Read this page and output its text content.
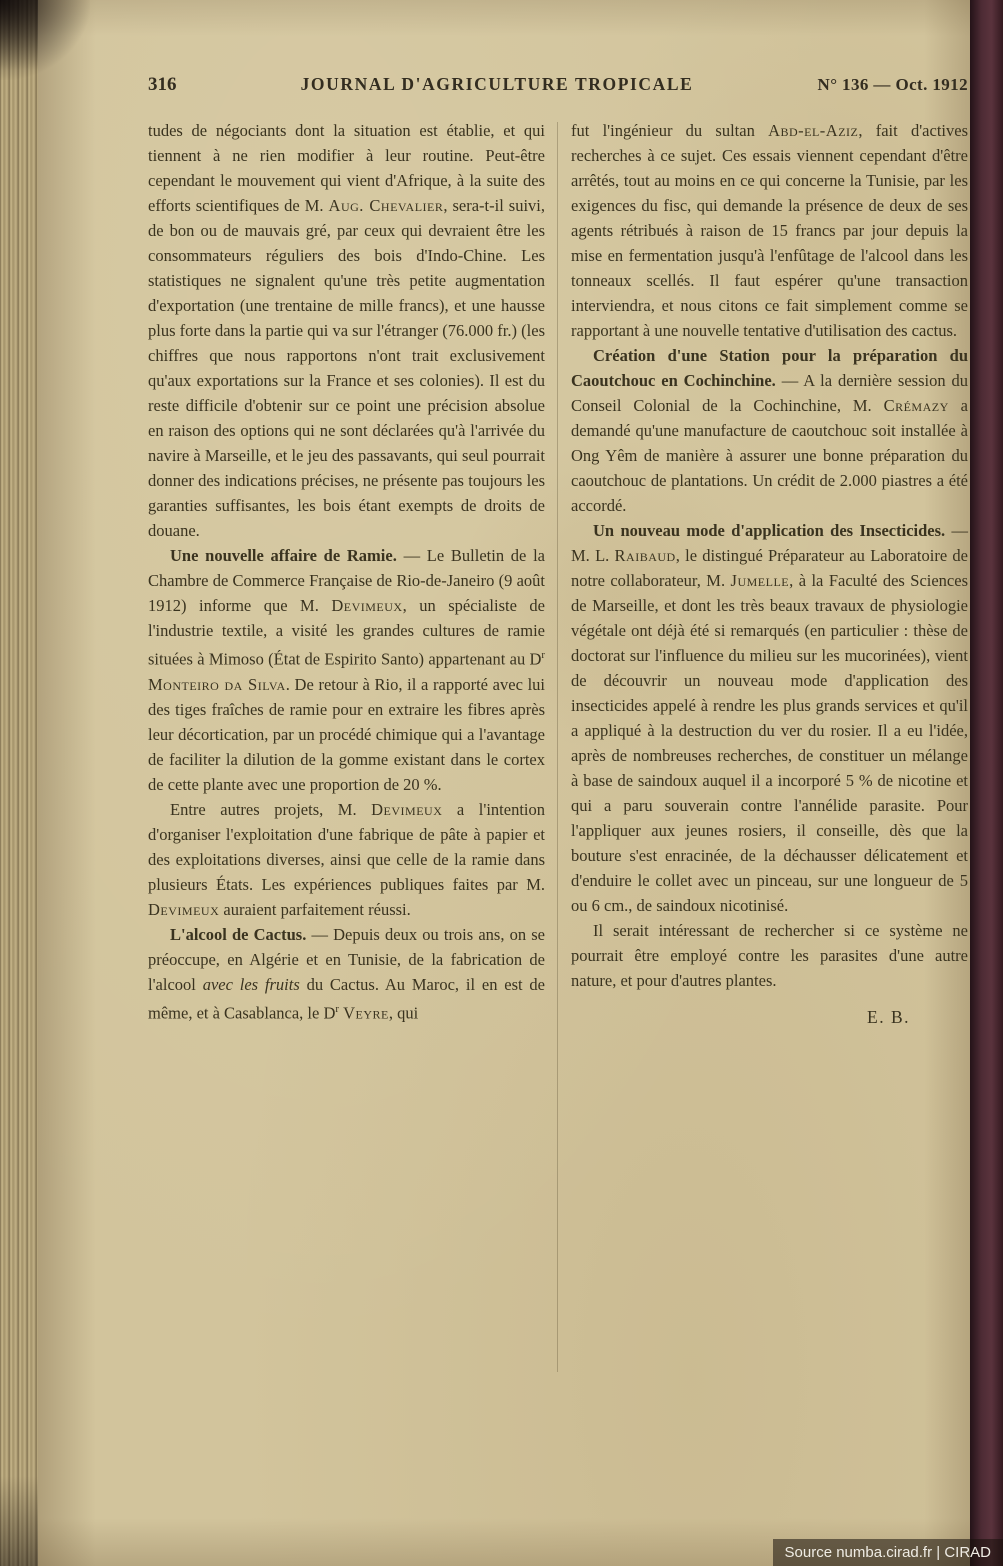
316	JOURNAL D'AGRICULTURE TROPICALE	N° 136 — Oct. 1912

tudes de négociants dont la situation est établie, et qui tiennent à ne rien modifier à leur routine. Peut-être cependant le mouvement qui vient d'Afrique, à la suite des efforts scientifiques de M. Aug. Chevalier, sera-t-il suivi, de bon ou de mauvais gré, par ceux qui devraient être les consommateurs réguliers des bois d'Indo-Chine. Les statistiques ne signalent qu'une très petite augmentation d'exportation (une trentaine de mille francs), et une hausse plus forte dans la partie qui va sur l'étranger (76.000 fr.) (les chiffres que nous rapportons n'ont trait exclusivement qu'aux exportations sur la France et ses colonies). Il est du reste difficile d'obtenir sur ce point une précision absolue en raison des options qui ne sont déclarées qu'à l'arrivée du navire à Marseille, et le jeu des passavants, qui seul pourrait donner des indications précises, ne présente pas toujours les garanties suffisantes, les bois étant exempts de droits de douane.

Une nouvelle affaire de Ramie. — Le Bulletin de la Chambre de Commerce Française de Rio-de-Janeiro (9 août 1912) informe que M. Devimeux, un spécialiste de l'industrie textile, a visité les grandes cultures de ramie situées à Mimoso (État de Espirito Santo) appartenant au $D^r$ Monteiro da Silva. De retour à Rio, il a rapporté avec lui des tiges fraîches de ramie pour en extraire les fibres après leur décortication, par un procédé chimique qui a l'avantage de faciliter la dilution de la gomme existant dans le cortex de cette plante avec une proportion de 20 %.

Entre autres projets, M. Devimeux a l'intention d'organiser l'exploitation d'une fabrique de pâte à papier et des exploitations diverses, ainsi que celle de la ramie dans plusieurs États. Les expériences publiques faites par M. Devimeux auraient parfaitement réussi.

L'alcool de Cactus. — Depuis deux ou trois ans, on se préoccupe, en Algérie et en Tunisie, de la fabrication de l'alcool avec les fruits du Cactus. Au Maroc, il en est de même, et à Casablanca, le $D^r$ Veyre, qui

fut l'ingénieur du sultan Abd-el-Aziz, fait d'actives recherches à ce sujet. Ces essais viennent cependant d'être arrêtés, tout au moins en ce qui concerne la Tunisie, par les exigences du fisc, qui demande la présence de deux de ses agents rétribués à raison de 15 francs par jour depuis la mise en fermentation jusqu'à l'enfûtage de l'alcool dans les tonneaux scellés. Il faut espérer qu'une transaction interviendra, et nous citons ce fait simplement comme se rapportant à une nouvelle tentative d'utilisation des cactus.

Création d'une Station pour la préparation du Caoutchouc en Cochinchine. — A la dernière session du Conseil Colonial de la Cochinchine, M. Crémazy a demandé qu'une manufacture de caoutchouc soit installée à Ong Yêm de manière à assurer une bonne préparation du caoutchouc de plantations. Un crédit de 2.000 piastres a été accordé.

Un nouveau mode d'application des Insecticides. — M. L. Raibaud, le distingué Préparateur au Laboratoire de notre collaborateur, M. Jumelle, à la Faculté des Sciences de Marseille, et dont les très beaux travaux de physiologie végétale ont déjà été si remarqués (en particulier : thèse de doctorat sur l'influence du milieu sur les mucorinées), vient de découvrir un nouveau mode d'application des insecticides appelé à rendre les plus grands services et qu'il a appliqué à la destruction du ver du rosier. Il a eu l'idée, après de nombreuses recherches, de constituer un mélange à base de saindoux auquel il a incorporé 5 % de nicotine et qui a paru souverain contre l'annélide parasite. Pour l'appliquer aux jeunes rosiers, il conseille, dès que la bouture s'est enracinée, de la déchausser délicatement et d'enduire le collet avec un pinceau, sur une longueur de 5 ou 6 cm., de saindoux nicotinisé.

Il serait intéressant de rechercher si ce système ne pourrait être employé contre les parasites d'une autre nature, et pour d'autres plantes.

E. B.
Source numba.cirad.fr | CIRAD
